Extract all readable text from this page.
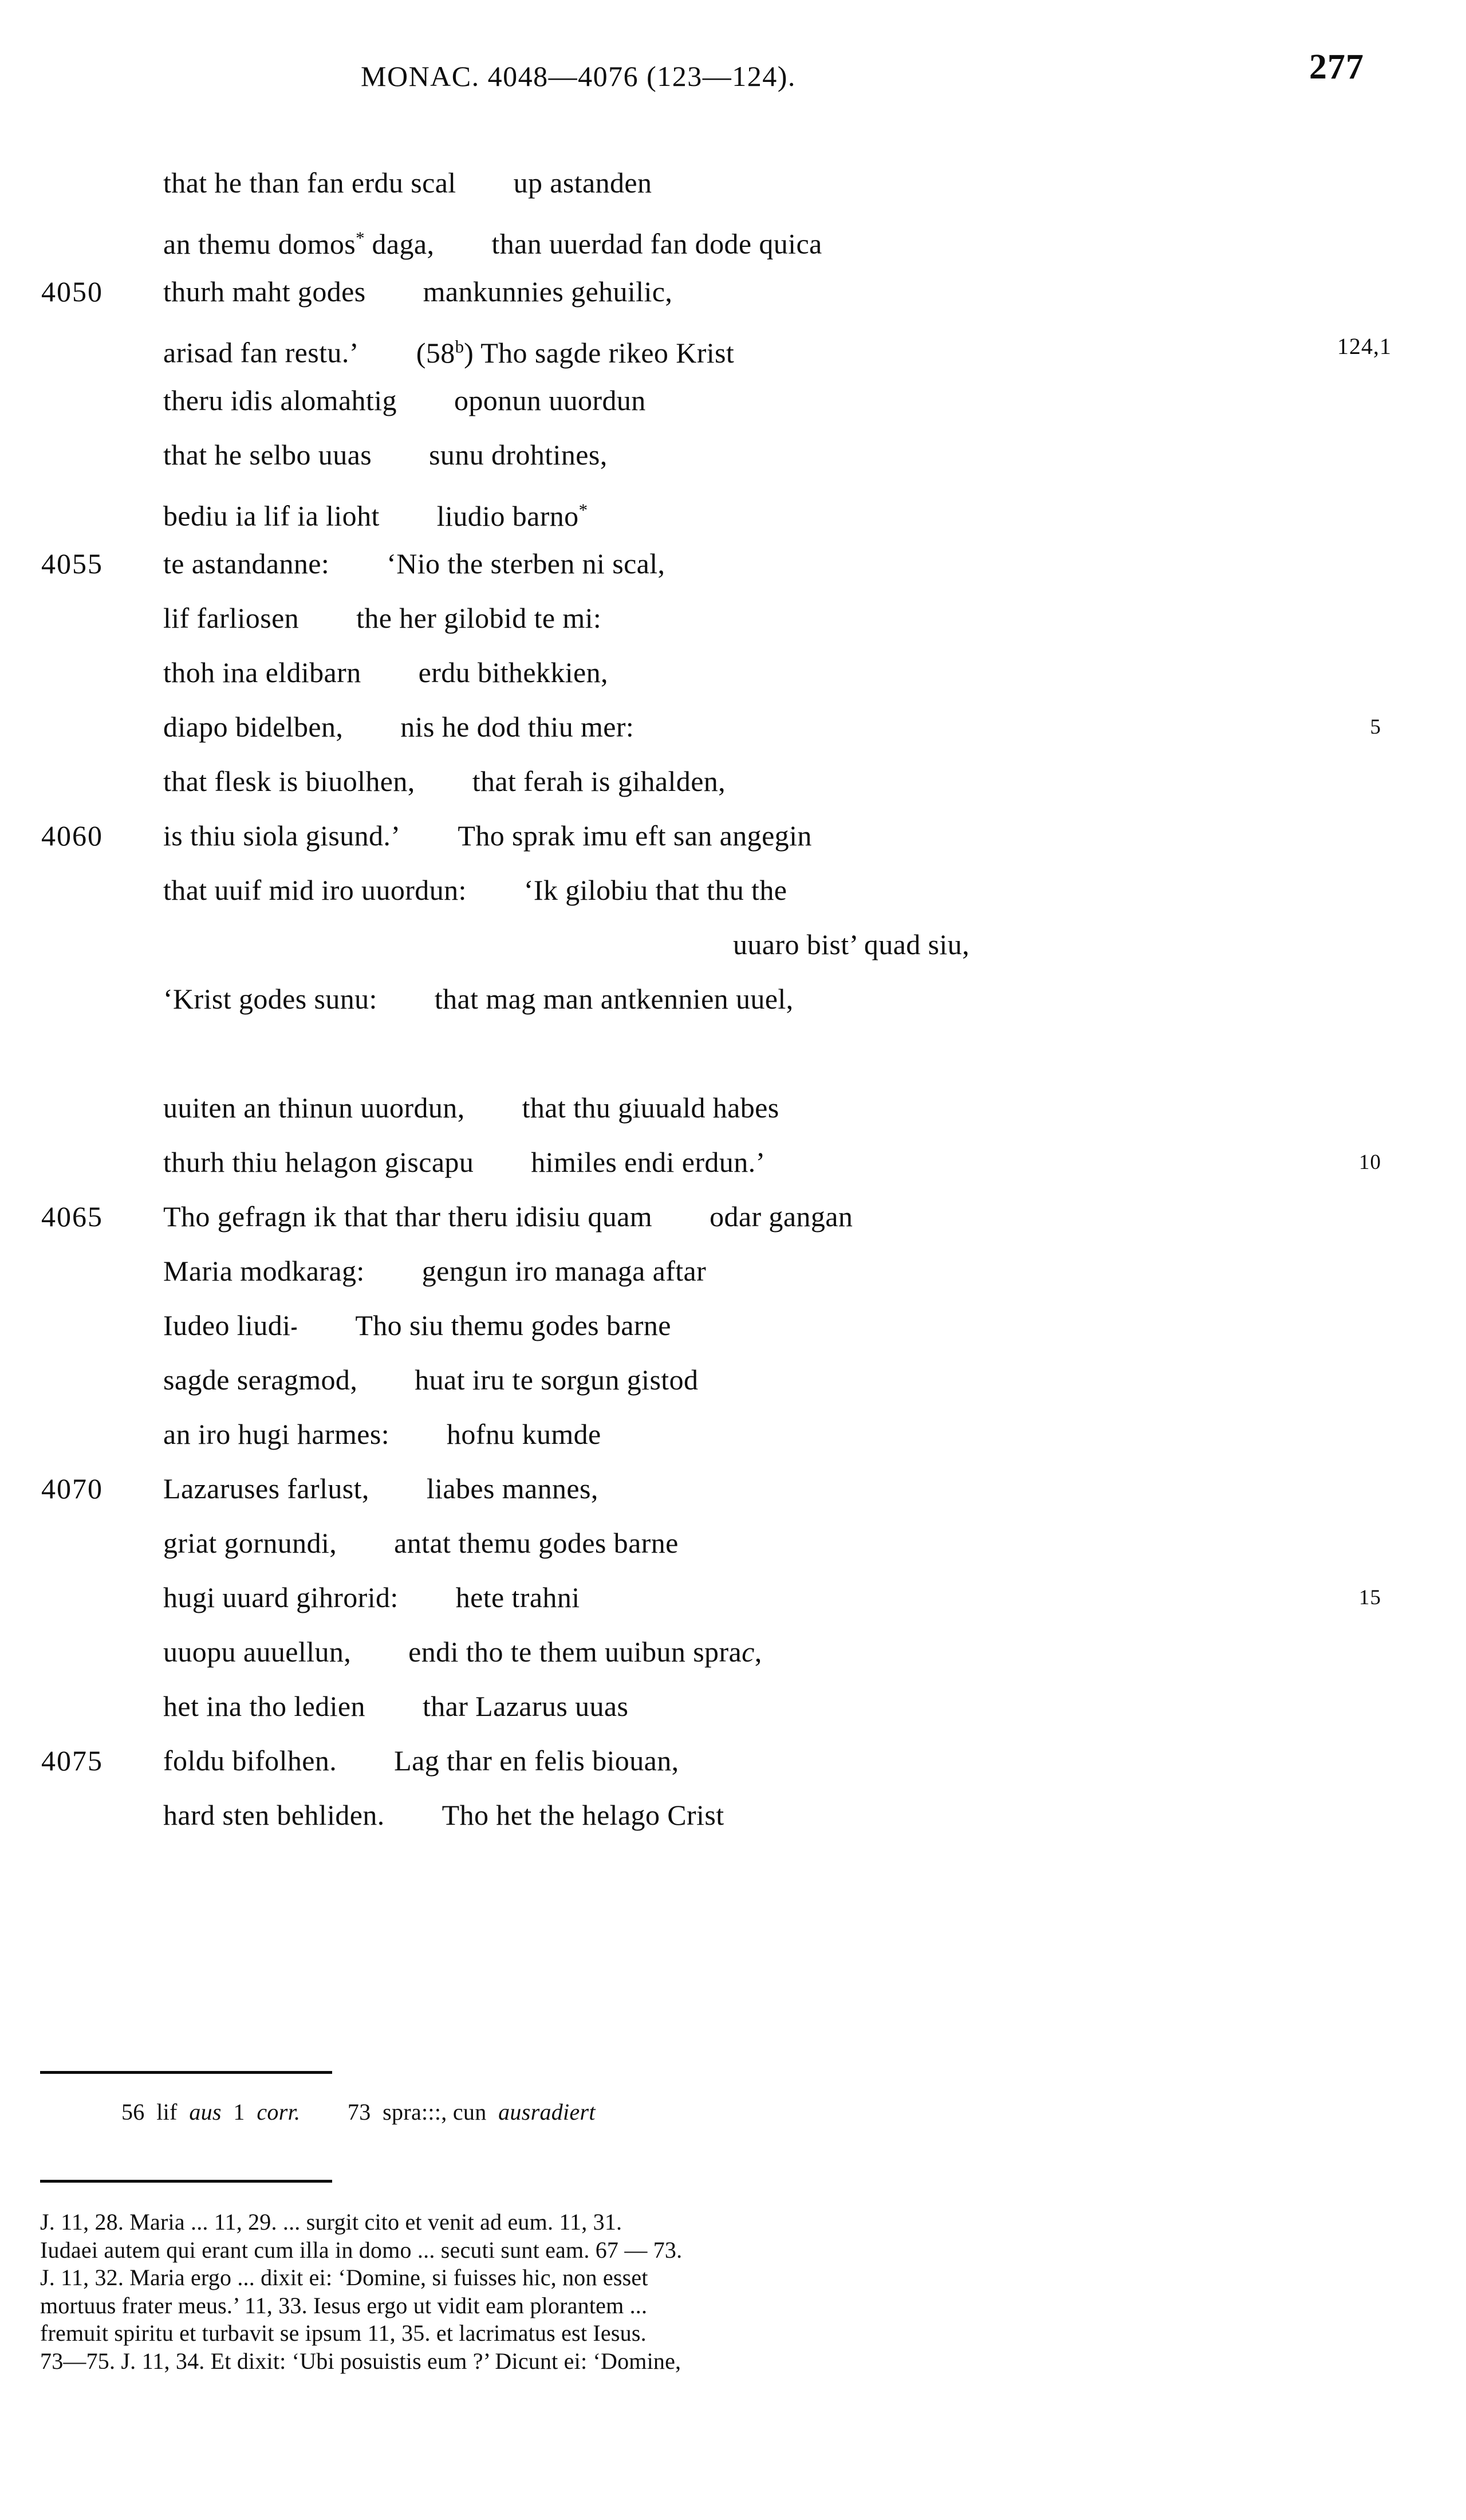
MONAC. 4048—4076 (123—124).	277
that he than fan erdu scal up astanden
an themu domos* daga, than uuerdad fan dode quica
4050	thurh maht godes mankunnies gehuilic,
arisad fan restu.’ (58$^b$) Tho sagde rikeo Krist	124,1
theru idis alomahtig oponun uuordun
that he selbo uuas sunu drohtines,
bediu ia lif ia lioht liudio barno*
4055	te astandanne: ‘Nio the sterben ni scal,
lif farliosen the her gilobid te mi:
thoh ina eldibarn erdu bithekkien,
diapo bidelben, nis he dod thiu mer:	5
that flesk is biuolhen, that ferah is gihalden,
4060	is thiu siola gisund.’ Tho sprak imu eft san angegin
that uuif mid iro uuordun: ‘Ik gilobiu that thu the
uuaro bist’ quad siu,
‘Krist godes sunu: that mag man antkennien uuel,
uuiten an thinun uuordun, that thu giuuald habes
thurh thiu helagon giscapu himiles endi erdun.’	10
4065	Tho gefragn ik that thar theru idisiu quam odar gangan
Maria modkarag: gengun iro managa aftar
Iudeo liudi Tho siu themu godes barne
sagde seragmod, huat iru te sorgun gistod
an iro hugi harmes: hofnu kumde
4070	Lazaruses farlust, liabes mannes,
griat gornundi, antat themu godes barne
hugi uuard gihrorid: hete trahni	15
uuopu auuellun, endi tho te them uuibun sprac,
het ina tho ledien thar Lazarus uuas
4075	foldu bifolhen. Lag thar en felis biouan,
hard sten behliden. Tho het the helago Crist
56 lif aus 1 corr. 73 spra:::, cun ausradiert
J. 11, 28. Maria ... 11, 29. ... surgit cito et venit ad eum. 11, 31.
Iudaei autem qui erant cum illa in domo ... secuti sunt eam. 67 — 73.
J. 11, 32. Maria ergo ... dixit ei: ‘Domine, si fuisses hic, non esset
mortuus frater meus.’ 11, 33. Iesus ergo ut vidit eam plorantem ...
fremuit spiritu et turbavit se ipsum 11, 35. et lacrimatus est Iesus.
73—75. J. 11, 34. Et dixit: ‘Ubi posuistis eum ?’ Dicunt ei: ‘Domine,
